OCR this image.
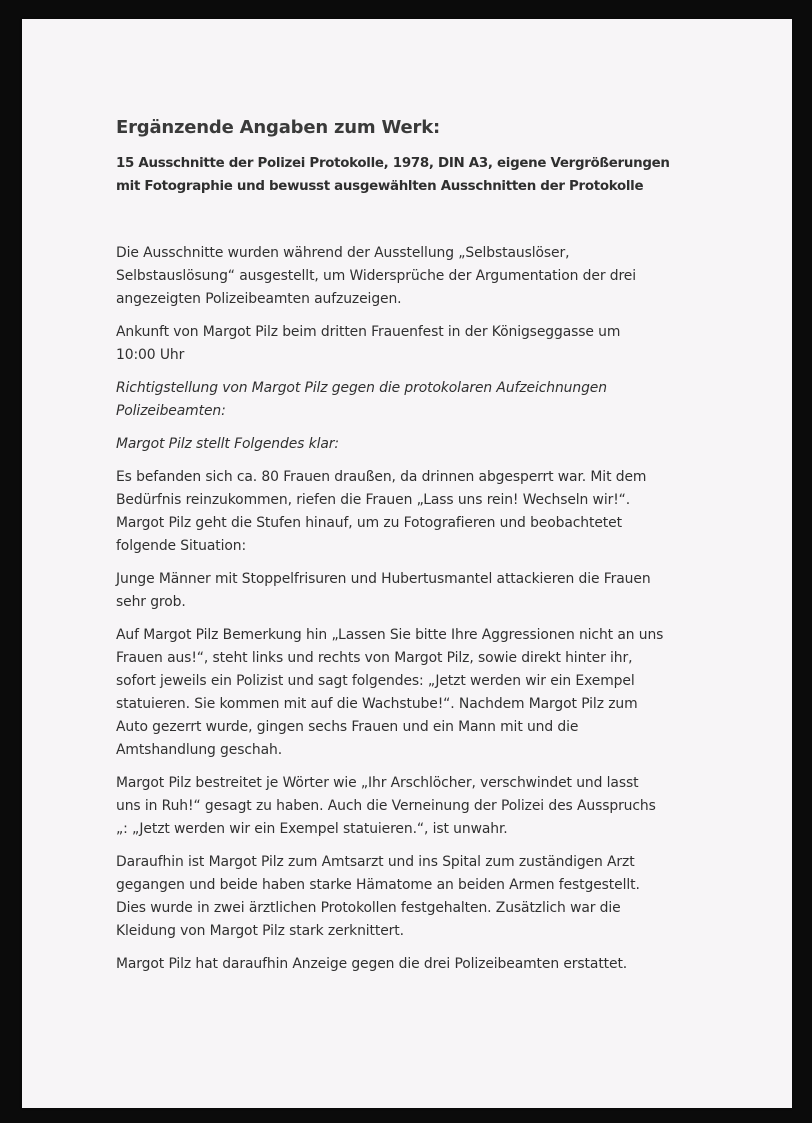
Ergänzende Angaben zum Werk:
15 Ausschnitte der Polizei Protokolle, 1978, DIN A3, eigene Vergrößerungen
mit Fotographie und bewusst ausgewählten Ausschnitten der Protokolle
Die Ausschnitte wurden während der Ausstellung „Selbstauslöser,
Selbstauslösung“ ausgestellt, um Widersprüche der Argumentation der drei
angezeigten Polizeibeamten aufzuzeigen.
Ankunft von Margot Pilz beim dritten Frauenfest in der Königseggasse um
10:00 Uhr
Richtigstellung von Margot Pilz gegen die protokolaren Aufzeichnungen
Polizeibeamten:
Margot Pilz stellt Folgendes klar:
Es befanden sich ca. 80 Frauen draußen, da drinnen abgesperrt war. Mit dem
Bedürfnis reinzukommen, riefen die Frauen „Lass uns rein! Wechseln wir!“.
Margot Pilz geht die Stufen hinauf, um zu Fotografieren und beobachtetet
folgende Situation:
Junge Männer mit Stoppelfrisuren und Hubertusmantel attackieren die Frauen
sehr grob.
Auf Margot Pilz Bemerkung hin „Lassen Sie bitte Ihre Aggressionen nicht an uns
Frauen aus!“, steht links und rechts von Margot Pilz, sowie direkt hinter ihr,
sofort jeweils ein Polizist und sagt folgendes: „Jetzt werden wir ein Exempel
statuieren. Sie kommen mit auf die Wachstube!“. Nachdem Margot Pilz zum
Auto gezerrt wurde, gingen sechs Frauen und ein Mann mit und die
Amtshandlung geschah.
Margot Pilz bestreitet je Wörter wie „Ihr Arschlöcher, verschwindet und lasst
uns in Ruh!“ gesagt zu haben. Auch die Verneinung der Polizei des Ausspruchs
„: „Jetzt werden wir ein Exempel statuieren.“, ist unwahr.
Daraufhin ist Margot Pilz zum Amtsarzt und ins Spital zum zuständigen Arzt
gegangen und beide haben starke Hämatome an beiden Armen festgestellt.
Dies wurde in zwei ärztlichen Protokollen festgehalten. Zusätzlich war die
Kleidung von Margot Pilz stark zerknittert.
Margot Pilz hat daraufhin Anzeige gegen die drei Polizeibeamten erstattet.
